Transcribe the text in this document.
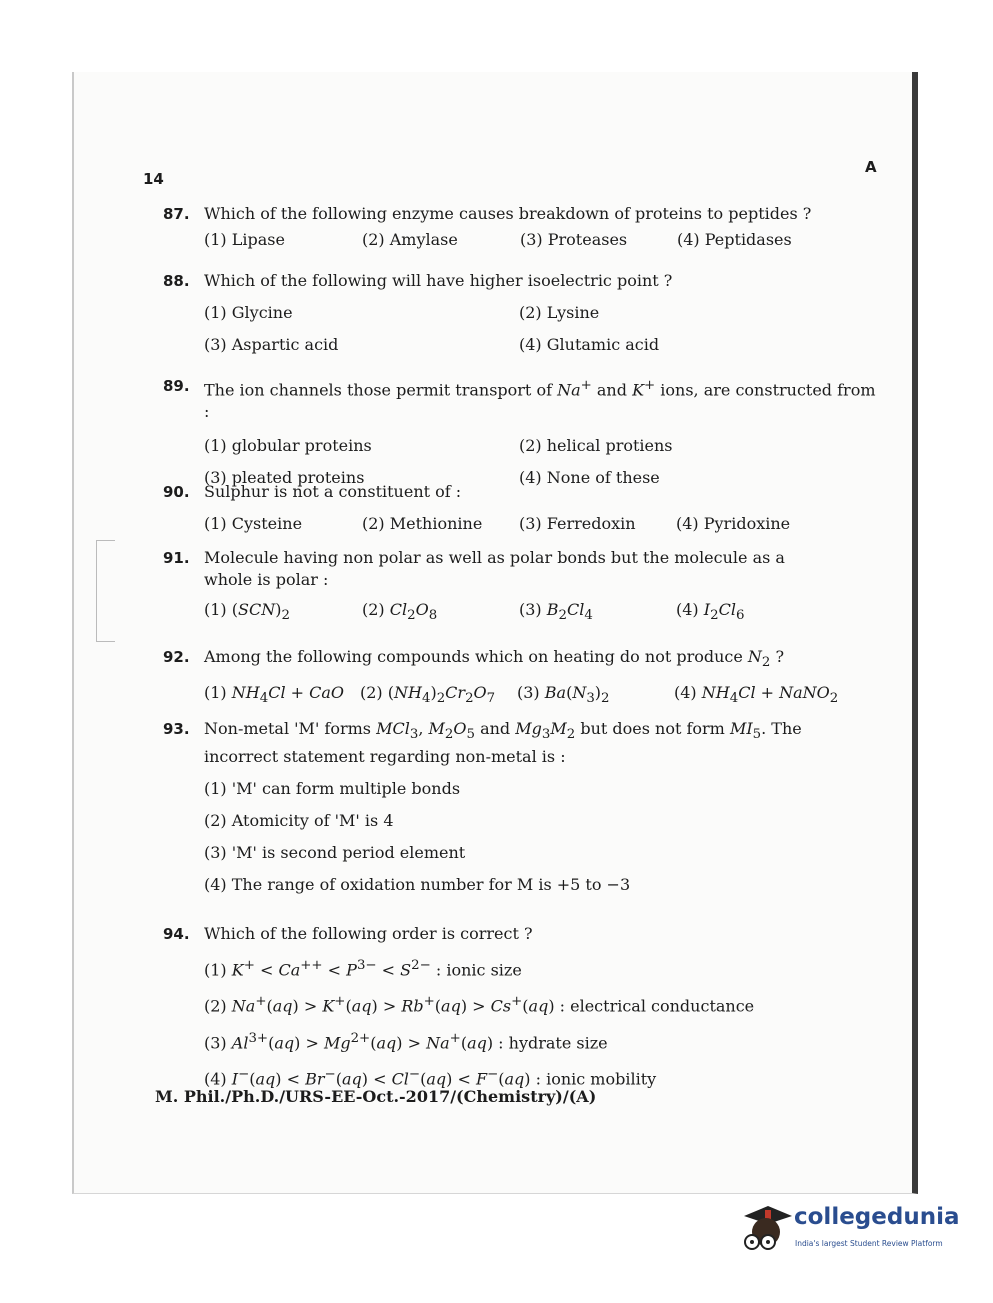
14
A
87. Which of the following enzyme causes breakdown of proteins to peptides ?
(1) Lipase	(2) Amylase	(3) Proteases	(4) Peptidases
88. Which of the following will have higher isoelectric point ?
(1) Glycine	(2) Lysine
(3) Aspartic acid	(4) Glutamic acid
89. The ion channels those permit transport of Na+ and K+ ions, are constructed from :
(1) globular proteins	(2) helical protiens
(3) pleated proteins	(4) None of these
90. Sulphur is not a constituent of :
(1) Cysteine	(2) Methionine (3) Ferredoxin	(4) Pyridoxine
91. Molecule having non polar as well as polar bonds but the molecule as a whole is polar :
(1) $(SCN)_2$	(2) $Cl_2O_8$	(3) $B_2Cl_4$	(4) $I_2Cl_6$
92. Among the following compounds which on heating do not produce $N_2$ ?
(1) $NH_4Cl$ + CaO (2) $(NH_4)_2Cr_2O_7$ (3) $Ba(N_3)_2$	(4) $NH_4Cl$ + NaNO$_2$
93. Non-metal 'M' forms MCl$_3$, $M_2O_5$ and $Mg_3M_2$ but does not form $MI_5$. The incorrect statement regarding non-metal is :
(1) 'M' can form multiple bonds
(2) Atomicity of 'M' is 4
(3) 'M' is second period element
(4) The range of oxidation number for M is +5 to −3
94. Which of the following order is correct ?
(1) $K^+ < Ca^{++} < P^{3-} < S^{2-}$ : ionic size
(2) Na+(aq) > K+(aq) > Rb+(aq) > Cs+(aq) : electrical conductance
(3) $Al^{3+}(aq) > Mg^{2+}(aq) > Na^+(aq)$ : hydrate size
(4) I−(aq) < Br−(aq) < Cl−(aq) < F−(aq) : ionic mobility
M. Phil./Ph.D./URS-EE-Oct.-2017/(Chemistry)/(A)
collegedunia
India's largest Student Review Platform
